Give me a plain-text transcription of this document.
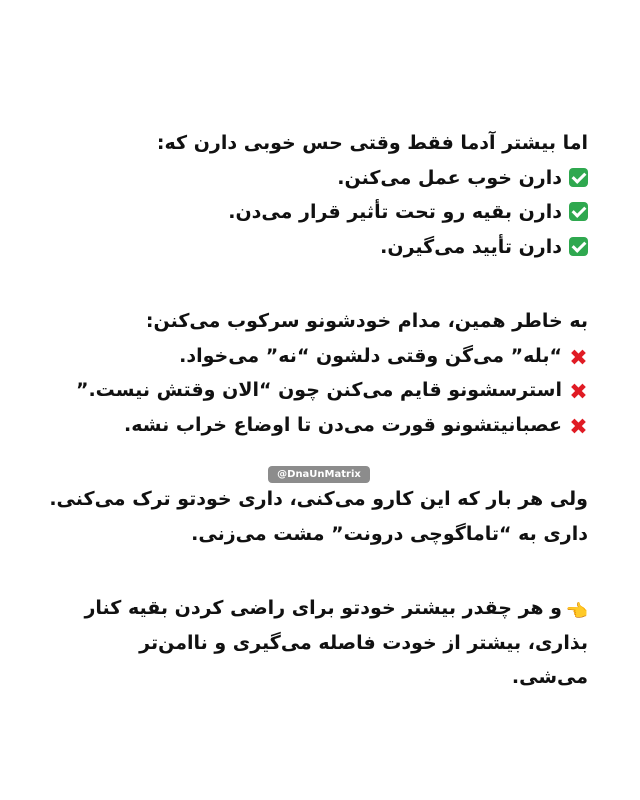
اما بیشتر آدما فقط وقتی حس خوبی دارن که:
دارن خوب عمل می‌کنن.
دارن بقیه رو تحت تأثیر قرار می‌دن.
دارن تأیید می‌گیرن.
به خاطر همین، مدام خودشونو سرکوب می‌کنن:
✖“بله” می‌گن وقتی دلشون “نه” می‌خواد.
✖استرسشونو قایم می‌کنن چون “الان وقتش نیست.”
✖عصبانیتشونو قورت می‌دن تا اوضاع خراب نشه.
ولی هر بار که این کارو می‌کنی، داری خودتو ترک می‌کنی.
داری به “تاماگوچی درونت” مشت می‌زنی.
👈و هر چقدر بیشتر خودتو برای راضی کردن بقیه کنار بذاری، بیشتر از خودت فاصله می‌گیری و ناامن‌تر می‌شی.
@DnaUnMatrix
